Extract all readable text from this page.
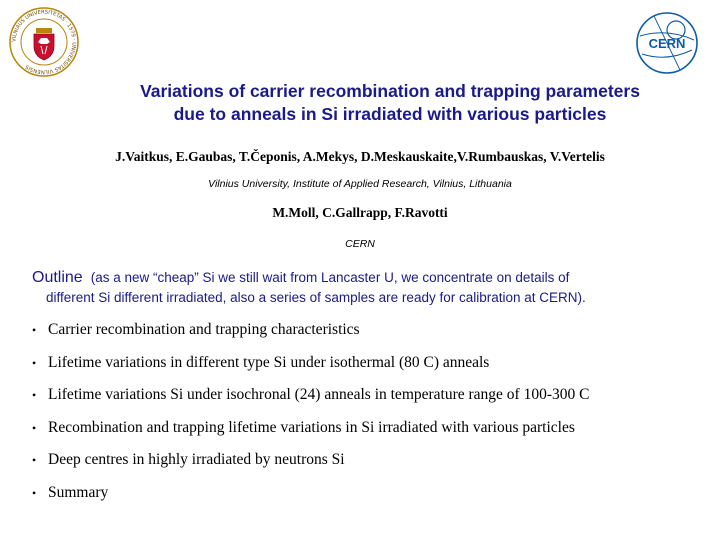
VILNIAUS UNIVERSITETAS · 1579 · UNIVERSITAS VILNENSIS
CERN
Variations of carrier recombination and trapping parameters
due to anneals in Si irradiated with various particles
J.Vaitkus, E.Gaubas, T.Čeponis, A.Mekys, D.Meskauskaite,V.Rumbauskas, V.Vertelis
Vilnius University, Institute of Applied Research, Vilnius, Lithuania
M.Moll, C.Gallrapp, F.Ravotti
CERN
Outline (as a new “cheap” Si we still wait from Lancaster U, we concentrate on details of
different Si different irradiated, also a series of samples are ready for calibration at CERN).
• Carrier recombination and trapping characteristics
• Lifetime variations in different type Si under isothermal (80 C) anneals
• Lifetime variations Si under isochronal (24) anneals in temperature range of 100-300 C
• Recombination and trapping lifetime variations in Si irradiated with various particles
• Deep centres in highly irradiated by neutrons Si
• Summary
